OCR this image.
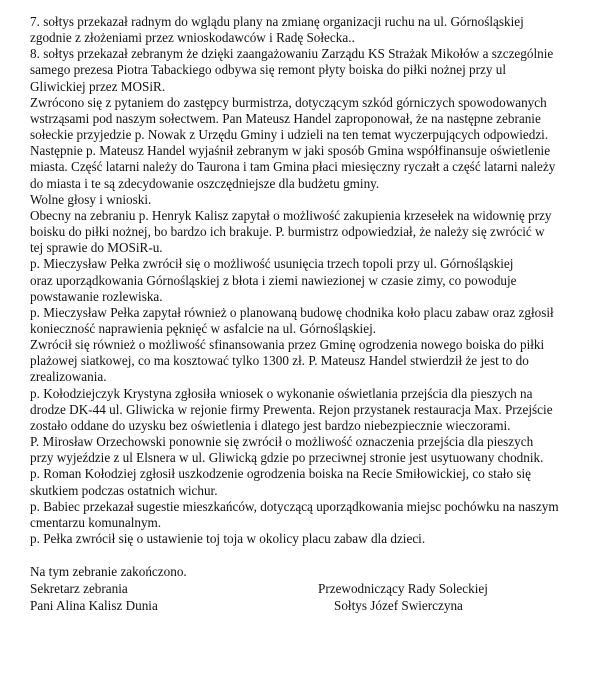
7. sołtys przekazał radnym do wglądu plany na zmianę organizacji ruchu na ul. Górnośląskiej
zgodnie z złożeniami przez wnioskodawców i Radę Sołecka..

8. sołtys przekazał zebranym że dzięki zaangażowaniu Zarządu KS Strażak Mikołów a szczególnie
samego prezesa Piotra Tabackiego odbywa się remont płyty boiska do piłki nożnej przy ul
Gliwickiej przez MOSiR.

Zwrócono się z pytaniem do zastępcy burmistrza, dotyczącym szkód górniczych spowodowanych
wstrząsami pod naszym sołectwem. Pan Mateusz Handel zaproponował, że na następne zebranie
sołeckie przyjedzie p. Nowak z Urzędu Gminy i udzieli na ten temat wyczerpujących odpowiedzi.

Następnie p. Mateusz Handel wyjaśnił zebranym w jaki sposób Gmina współfinansuje oświetlenie
miasta. Część latarni należy do Taurona i tam Gmina płaci miesięczny ryczałt a część latarni należy
do miasta i te są zdecydowanie oszczędniejsze dla budżetu gminy.

Wolne głosy i wnioski.

Obecny na zebraniu p. Henryk Kalisz zapytał o możliwość zakupienia krzesełek na widownię przy
boisku do piłki nożnej, bo bardzo ich brakuje. P. burmistrz odpowiedział, że należy się zwrócić w
tej sprawie do MOSiR-u.

p. Mieczysław Pełka zwrócił się o możliwość usunięcia trzech topoli przy ul. Górnośląskiej
oraz uporządkowania Górnośląskiej z błota i ziemi nawiezionej w czasie zimy, co powoduje
powstawanie rozlewiska.

p. Mieczysław Pełka zapytał również o planowaną budowę chodnika koło placu zabaw oraz zgłosił
konieczność naprawienia pęknięć w asfalcie na ul. Górnośląskiej.

Zwrócił się również o możliwość sfinansowania przez Gminę ogrodzenia nowego boiska do piłki
plażowej siatkowej, co ma kosztować tylko 1300 zł. P. Mateusz Handel stwierdził że jest to do
zrealizowania.

p. Kołodziejczyk Krystyna zgłosiła wniosek o wykonanie oświetlania przejścia dla pieszych na
drodze DK-44 ul. Gliwicka w rejonie firmy Prewenta. Rejon przystanek restauracja Max. Przejście
zostało oddane do uzysku bez oświetlenia i dlatego jest bardzo niebezpiecznie wieczorami.

P. Mirosław Orzechowski ponownie się zwrócił o możliwość oznaczenia przejścia dla pieszych
przy wyjeździe z ul Elsnera w ul. Gliwicką gdzie po przeciwnej stronie jest usytuowany chodnik.

p. Roman Kołodziej zgłosił uszkodzenie ogrodzenia boiska na Recie Smiłowickiej, co stało się
skutkiem podczas ostatnich wichur.

p. Babiec przekazał sugestie mieszkańców, dotyczącą uporządkowania miejsc pochówku na naszym
cmentarzu komunalnym.

p. Pełka zwrócił się o ustawienie toj toja w okolicy placu zabaw dla dzieci.

Na tym zebranie zakończono.

Sekretarz zebrania
Pani Alina Kalisz Dunia
Przewodniczący Rady Soleckiej
Sołtys Józef Swierczyna
